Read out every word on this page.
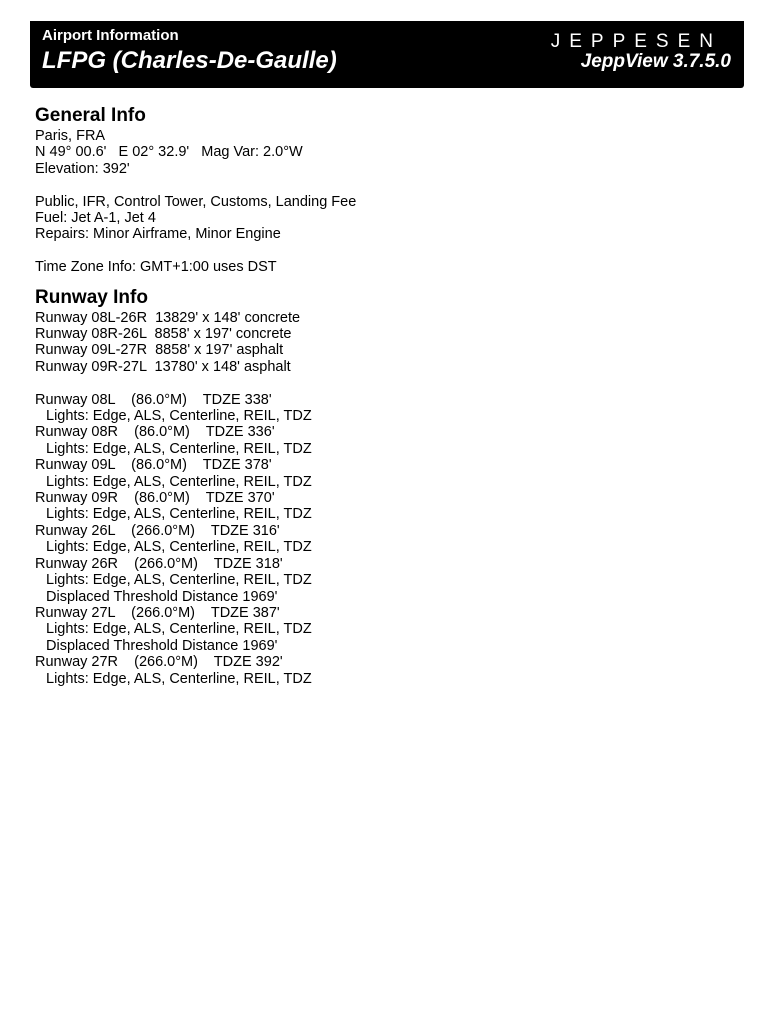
Airport Information
LFPG (Charles-De-Gaulle)
JEPPESEN
JeppView 3.7.5.0
General Info
Paris, FRA
N 49° 00.6'   E 02° 32.9'   Mag Var: 2.0°W
Elevation: 392'
Public, IFR, Control Tower, Customs, Landing Fee
Fuel: Jet A-1, Jet 4
Repairs: Minor Airframe, Minor Engine
Time Zone Info: GMT+1:00 uses DST
Runway Info
Runway 08L-26R  13829' x 148' concrete
Runway 08R-26L  8858' x 197' concrete
Runway 09L-27R  8858' x 197' asphalt
Runway 09R-27L  13780' x 148' asphalt
Runway 08L    (86.0°M)    TDZE 338'
Lights: Edge, ALS, Centerline, REIL, TDZ
Runway 08R    (86.0°M)    TDZE 336'
Lights: Edge, ALS, Centerline, REIL, TDZ
Runway 09L    (86.0°M)    TDZE 378'
Lights: Edge, ALS, Centerline, REIL, TDZ
Runway 09R    (86.0°M)    TDZE 370'
Lights: Edge, ALS, Centerline, REIL, TDZ
Runway 26L    (266.0°M)    TDZE 316'
Lights: Edge, ALS, Centerline, REIL, TDZ
Runway 26R    (266.0°M)    TDZE 318'
Lights: Edge, ALS, Centerline, REIL, TDZ
Displaced Threshold Distance 1969'
Runway 27L    (266.0°M)    TDZE 387'
Lights: Edge, ALS, Centerline, REIL, TDZ
Displaced Threshold Distance 1969'
Runway 27R    (266.0°M)    TDZE 392'
Lights: Edge, ALS, Centerline, REIL, TDZ
